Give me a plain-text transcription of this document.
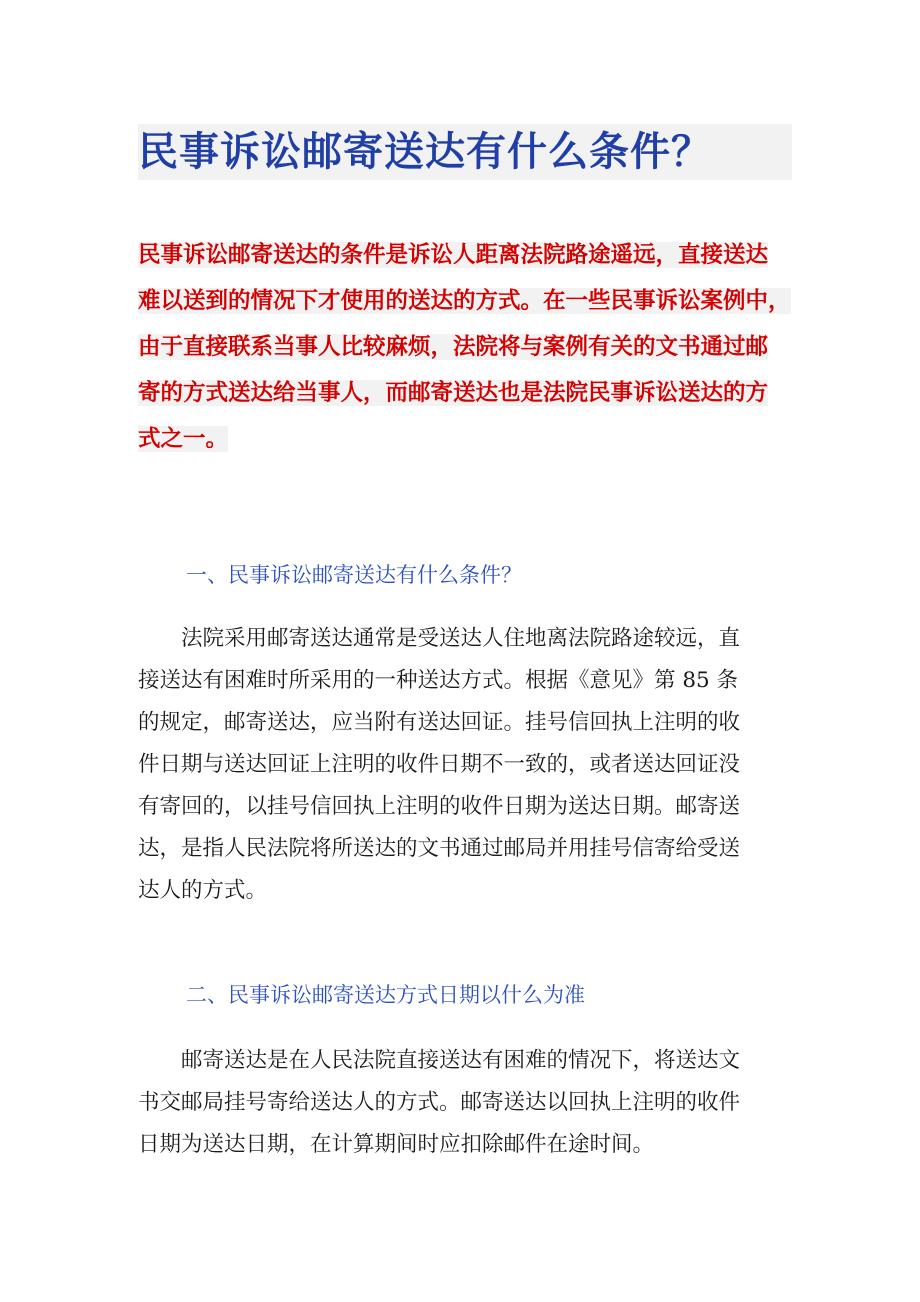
民事诉讼邮寄送达有什么条件？
民事诉讼邮寄送达的条件是诉讼人距离法院路途遥远，直接送达
难以送到的情况下才使用的送达的方式。在一些民事诉讼案例中，
由于直接联系当事人比较麻烦，法院将与案例有关的文书通过邮
寄的方式送达给当事人，而邮寄送达也是法院民事诉讼送达的方
式之一。
一、民事诉讼邮寄送达有什么条件？
　　法院采用邮寄送达通常是受送达人住地离法院路途较远，直
接送达有困难时所采用的一种送达方式。根据《意见》第 85 条
的规定，邮寄送达，应当附有送达回证。挂号信回执上注明的收
件日期与送达回证上注明的收件日期不一致的，或者送达回证没
有寄回的，以挂号信回执上注明的收件日期为送达日期。邮寄送
达，是指人民法院将所送达的文书通过邮局并用挂号信寄给受送
达人的方式。
二、民事诉讼邮寄送达方式日期以什么为准
　　邮寄送达是在人民法院直接送达有困难的情况下，将送达文
书交邮局挂号寄给送达人的方式。邮寄送达以回执上注明的收件
日期为送达日期，在计算期间时应扣除邮件在途时间。
